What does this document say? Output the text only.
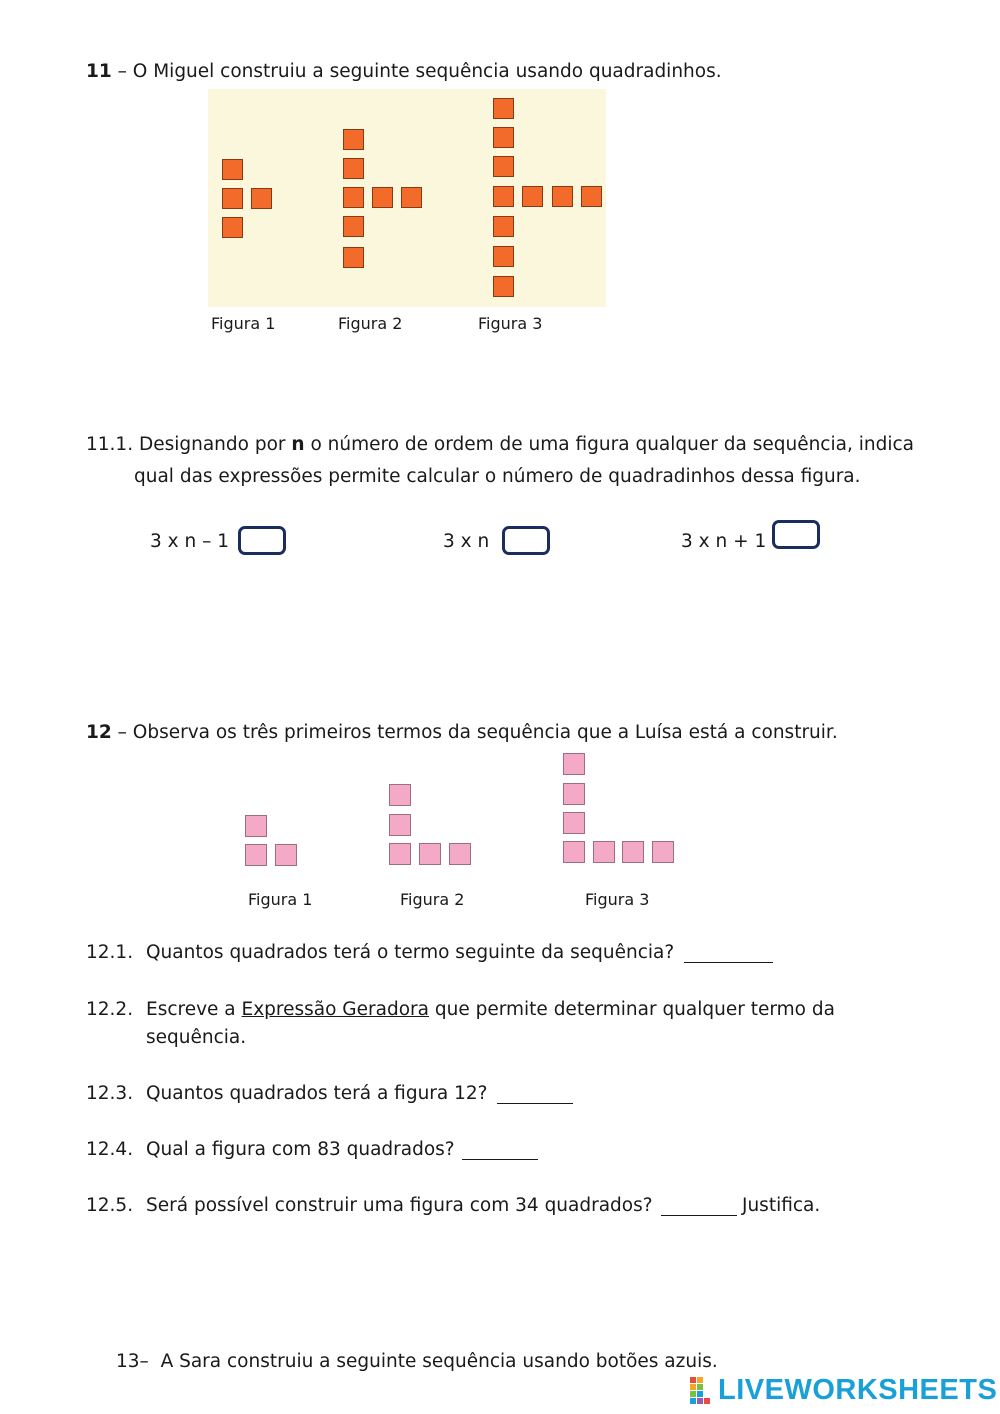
11 – O Miguel construiu a seguinte sequência usando quadradinhos.
Figura 1	Figura 2	Figura 3
11.1. Designando por n o número de ordem de uma figura qualquer da sequência, indica
qual das expressões permite calcular o número de quadradinhos dessa figura.
3 x n – 1	3 x n	3 x n + 1
12 – Observa os três primeiros termos da sequência que a Luísa está a construir.
Figura 1	Figura 2	Figura 3
12.1. Quantos quadrados terá o termo seguinte da sequência?
12.2. Escreve a Expressão Geradora que permite determinar qualquer termo da
sequência.
12.3. Quantos quadrados terá a figura 12?
12.4. Qual a figura com 83 quadrados?
12.5. Será possível construir uma figura com 34 quadrados?	Justifica.
13– A Sara construiu a seguinte sequência usando botões azuis.
LIVEWORKSHEETS
